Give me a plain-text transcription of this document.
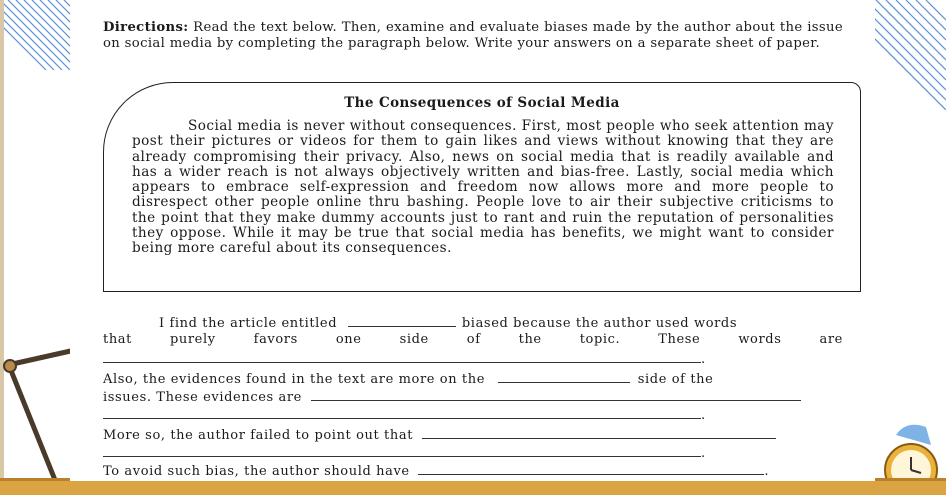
Directions: Read the text below. Then, examine and evaluate biases made by the author about the issue on social media by completing the paragraph below. Write your answers on a separate sheet of paper.
The Consequences of Social Media
Social media is never without consequences. First, most people who seek attention may post their pictures or videos for them to gain likes and views without knowing that they are already compromising their privacy. Also, news on social media that is readily available and has a wider reach is not always objectively written and bias-free. Lastly, social media which appears to embrace self-expression and freedom now allows more and more people to disrespect other people online thru bashing. People love to air their subjective criticisms to the point that they make dummy accounts just to rant and ruin the reputation of personalities they oppose. While it may be true that social media has benefits, we might want to consider being more careful about its consequences.
I find the article entitled	biased because the author used words
that	purely	favors	one	side	of	the	topic.	These	words	are
.
Also, the evidences found in the text are more on the	side of the
issues. These evidences are
.
More so, the author failed to point out that
.
To avoid such bias, the author should have	.
